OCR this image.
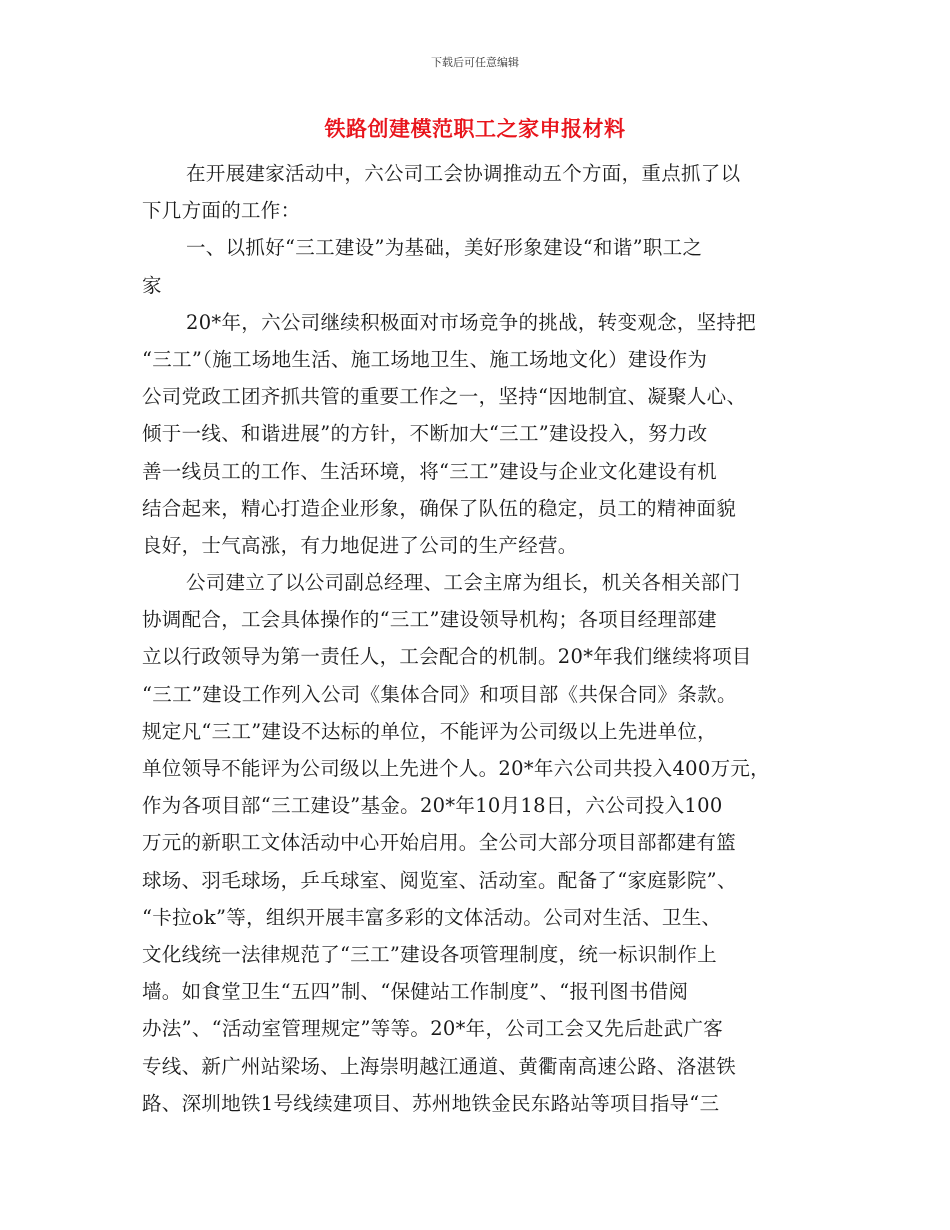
下载后可任意编辑
铁路创建模范职工之家申报材料
在开展建家活动中，六公司工会协调推动五个方面，重点抓了以
下几方面的工作：
一、以抓好“三工建设”为基础，美好形象建设“和谐”职工之
家
20*年，六公司继续积极面对市场竞争的挑战，转变观念，坚持把
“三工”（施工场地生活、施工场地卫生、施工场地文化）建设作为
公司党政工团齐抓共管的重要工作之一，坚持“因地制宜、凝聚人心、
倾于一线、和谐进展”的方针，不断加大“三工”建设投入，努力改
善一线员工的工作、生活环境，将“三工”建设与企业文化建设有机
结合起来，精心打造企业形象，确保了队伍的稳定，员工的精神面貌
良好，士气高涨，有力地促进了公司的生产经营。
公司建立了以公司副总经理、工会主席为组长，机关各相关部门
协调配合，工会具体操作的“三工”建设领导机构；各项目经理部建
立以行政领导为第一责任人，工会配合的机制。20*年我们继续将项目
“三工”建设工作列入公司《集体合同》和项目部《共保合同》条款。
规定凡“三工”建设不达标的单位，不能评为公司级以上先进单位，
单位领导不能评为公司级以上先进个人。20*年六公司共投入400万元，
作为各项目部“三工建设”基金。20*年10月18日，六公司投入100
万元的新职工文体活动中心开始启用。全公司大部分项目部都建有篮
球场、羽毛球场，乒乓球室、阅览室、活动室。配备了“家庭影院”、
“卡拉ok”等，组织开展丰富多彩的文体活动。公司对生活、卫生、
文化线统一法律规范了“三工”建设各项管理制度，统一标识制作上
墙。如食堂卫生“五四”制、“保健站工作制度”、“报刊图书借阅
办法”、“活动室管理规定”等等。20*年，公司工会又先后赴武广客
专线、新广州站梁场、上海崇明越江通道、黄衢南高速公路、洛湛铁
路、深圳地铁1号线续建项目、苏州地铁金民东路站等项目指导“三
